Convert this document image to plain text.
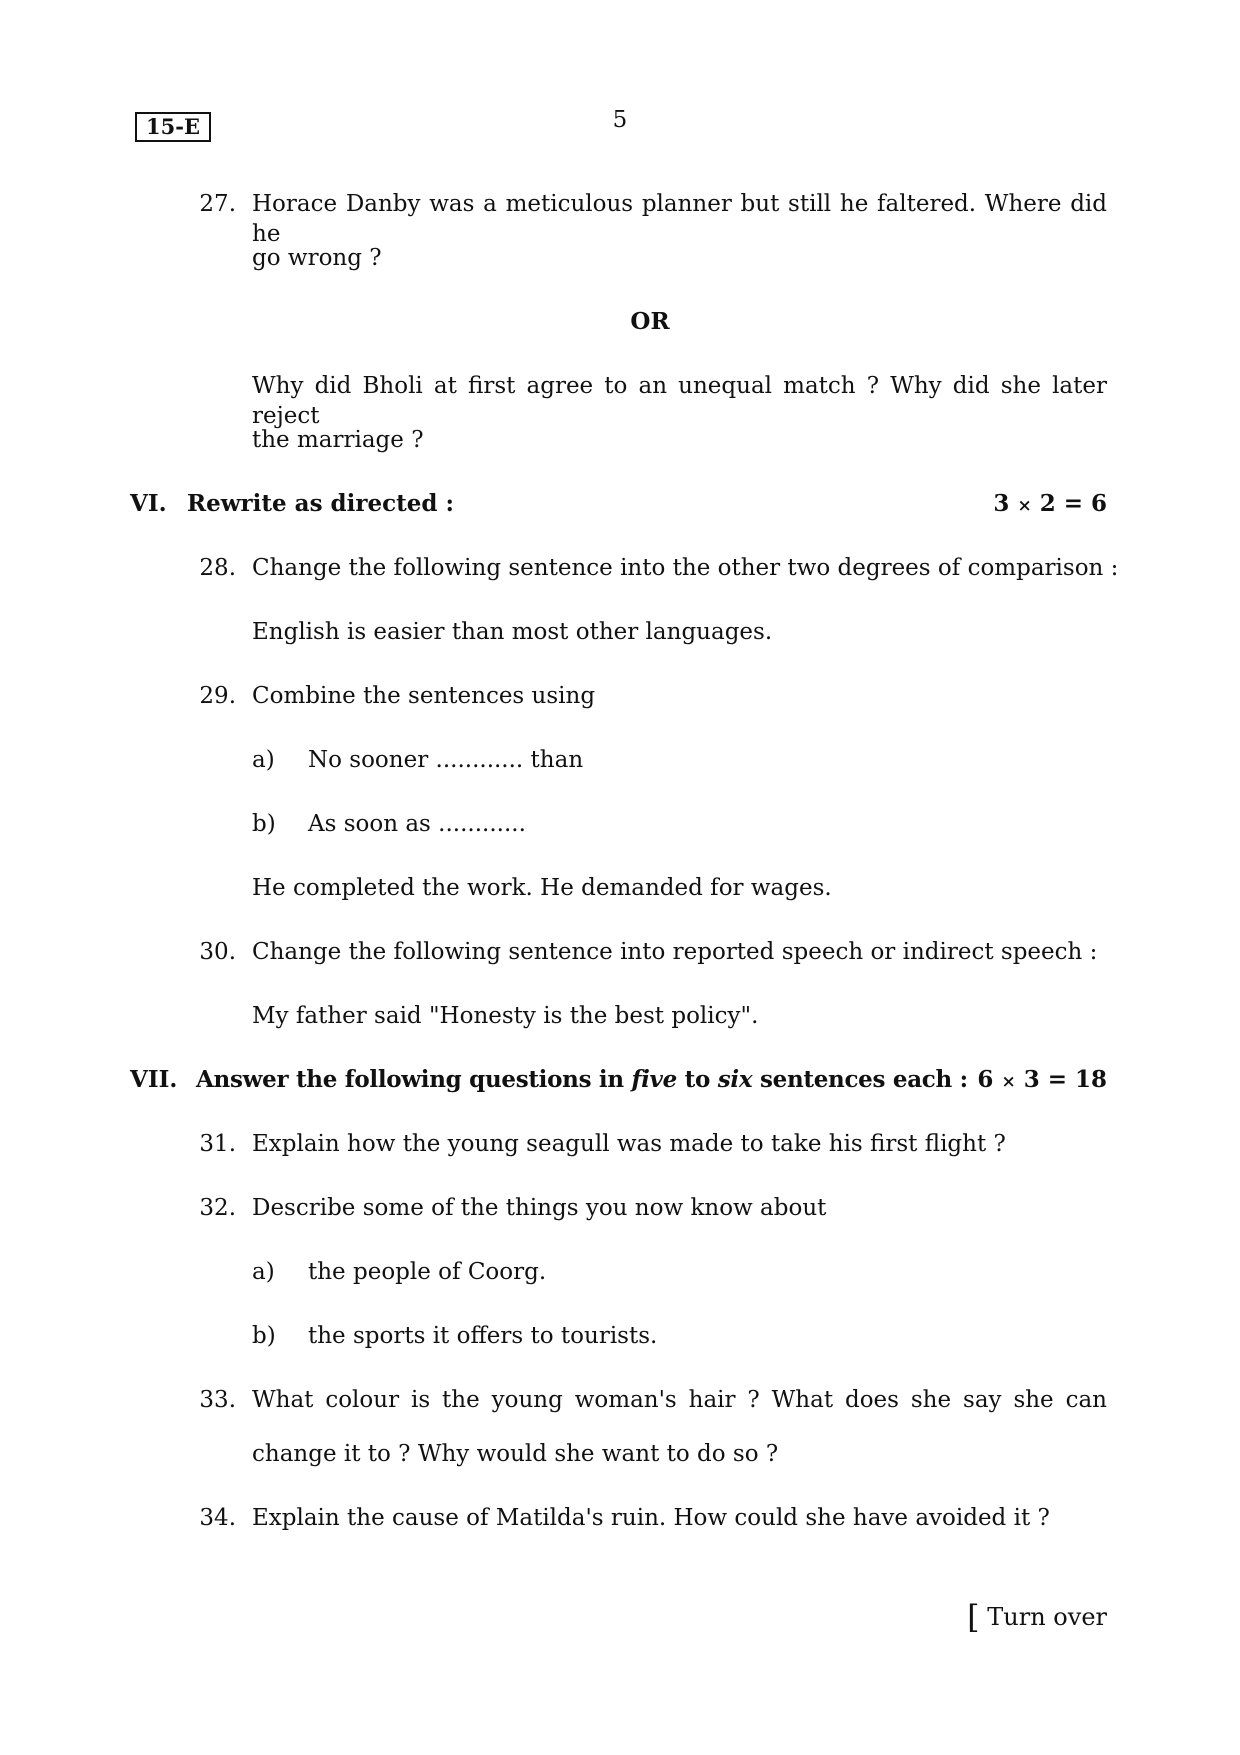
15-E	5
27. Horace Danby was a meticulous planner but still he faltered. Where did he
go wrong ?
OR
Why did Bholi at first agree to an unequal match ? Why did she later reject
the marriage ?
VI. Rewrite as directed :	3 × 2 = 6
28. Change the following sentence into the other two degrees of comparison :
English is easier than most other languages.
29. Combine the sentences using
a) No sooner ............ than
b) As soon as ............
He completed the work. He demanded for wages.
30. Change the following sentence into reported speech or indirect speech :
My father said "Honesty is the best policy".
VII. Answer the following questions in five to six sentences each : 6 × 3 = 18
31. Explain how the young seagull was made to take his first flight ?
32. Describe some of the things you now know about
a) the people of Coorg.
b) the sports it offers to tourists.
33. What colour is the young woman's hair ? What does she say she can
change it to ? Why would she want to do so ?
34. Explain the cause of Matilda's ruin. How could she have avoided it ?
[ Turn over
